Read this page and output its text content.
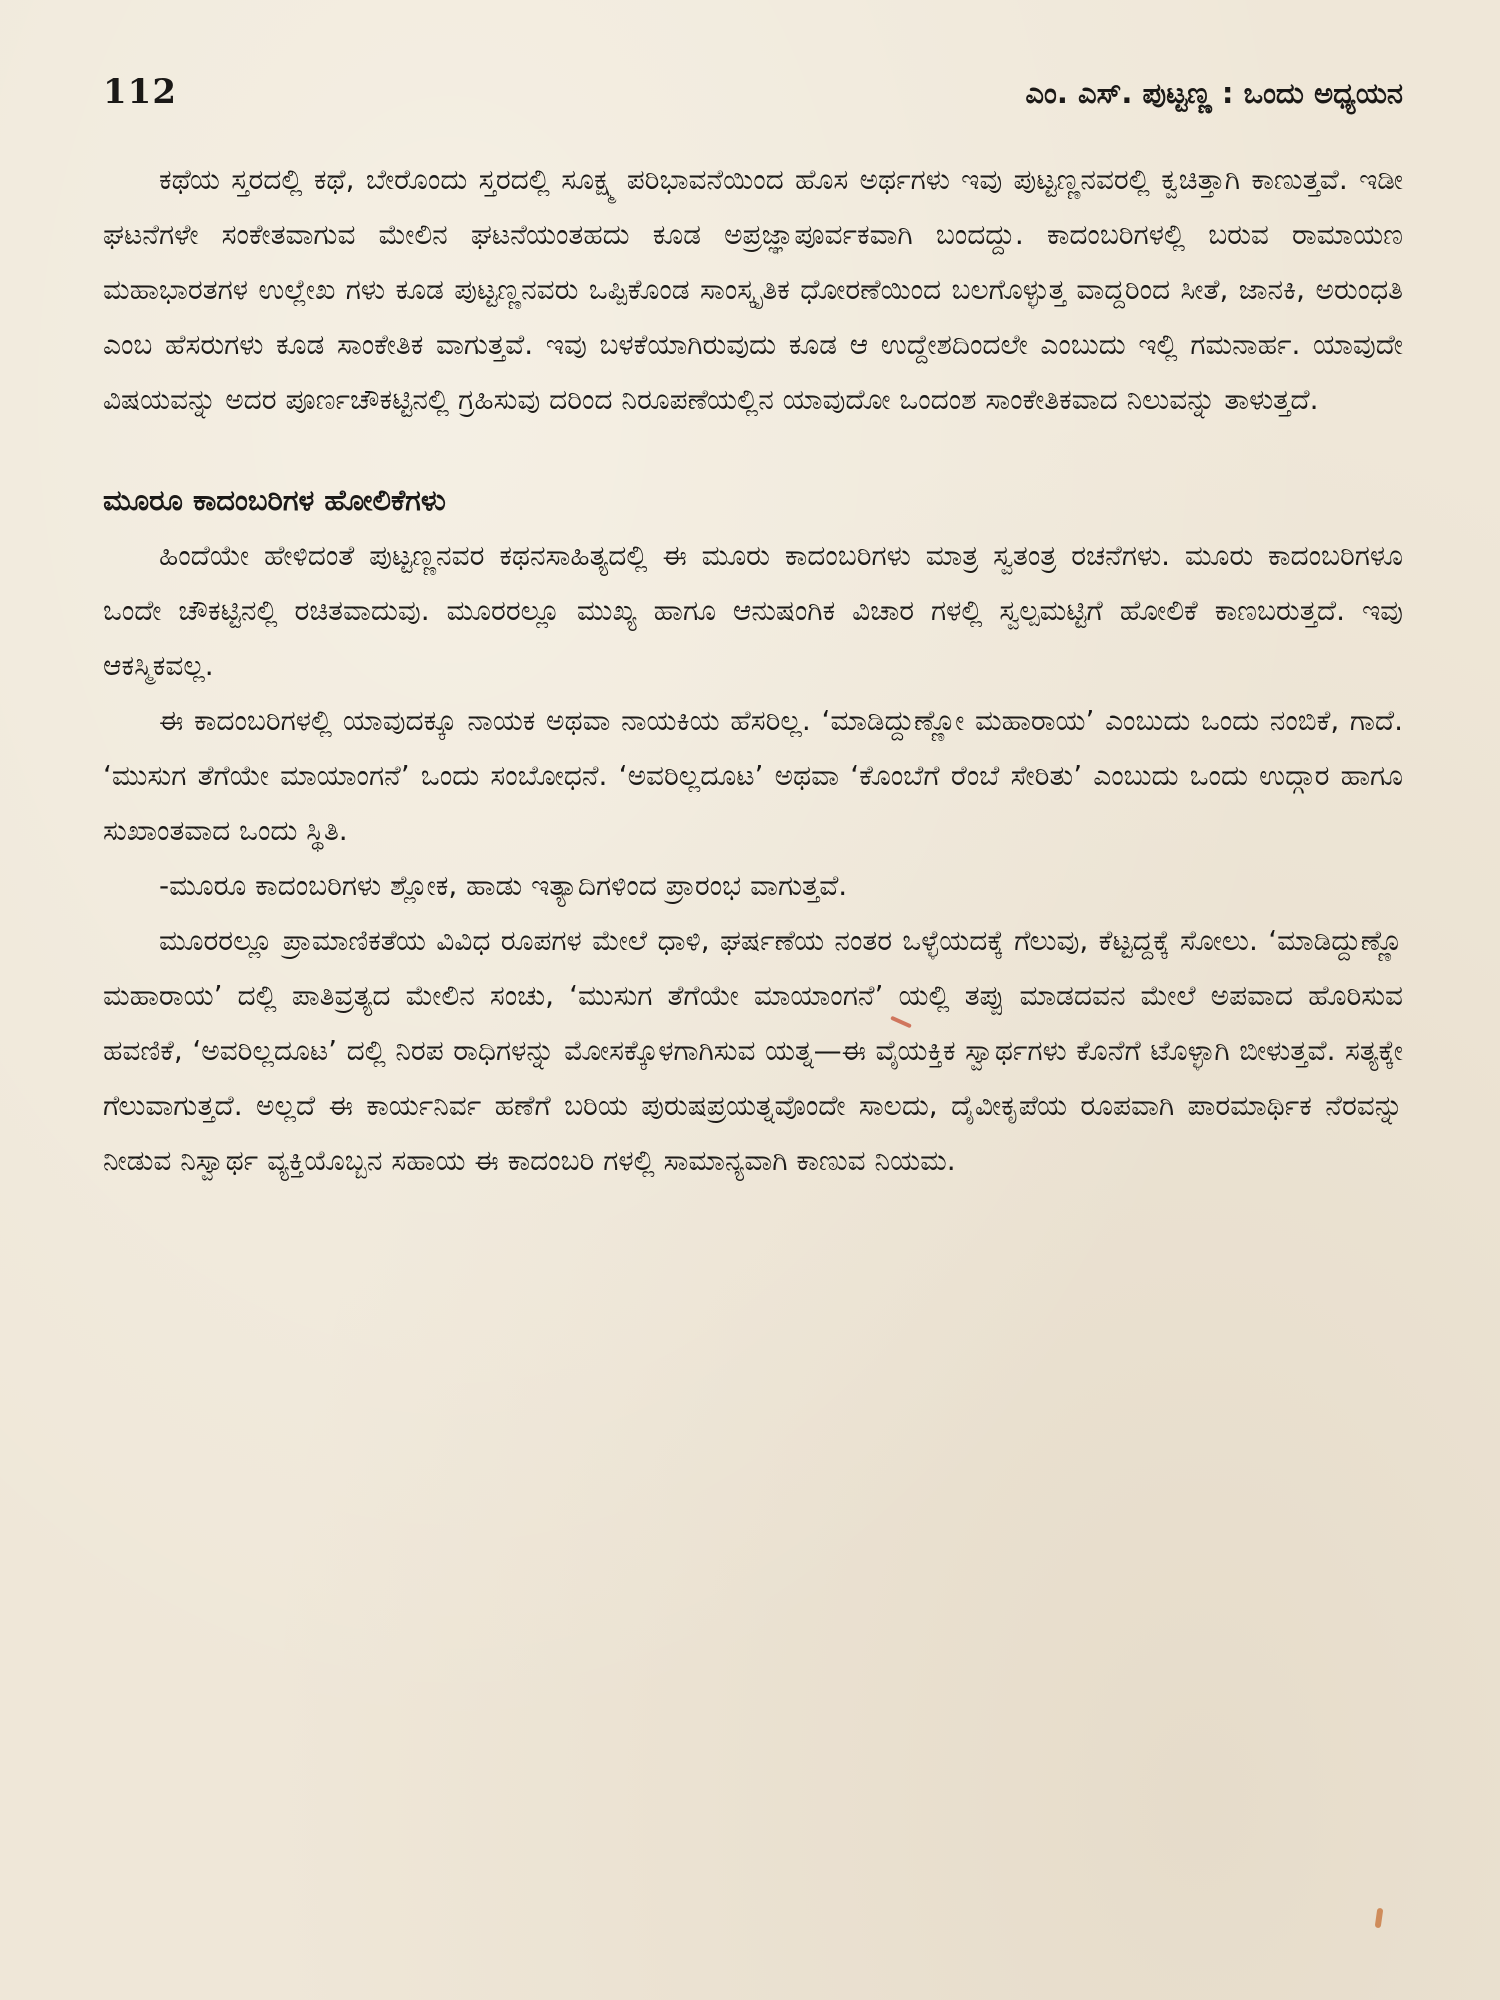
112	ಎಂ. ಎಸ್. ಪುಟ್ಟಣ್ಣ : ಒಂದು ಅಧ್ಯಯನ

ಕಥೆಯ ಸ್ತರದಲ್ಲಿ ಕಥೆ, ಬೇರೊಂದು ಸ್ತರದಲ್ಲಿ ಸೂಕ್ಷ್ಮ ಪರಿಭಾವನೆಯಿಂದ ಹೊಸ ಅರ್ಥಗಳು ಇವು ಪುಟ್ಟಣ್ಣನವರಲ್ಲಿ ಕ್ವಚಿತ್ತಾಗಿ ಕಾಣುತ್ತವೆ. ಇಡೀ ಘಟನೆಗಳೇ ಸಂಕೇತವಾಗುವ ಮೇಲಿನ ಘಟನೆಯಂತಹದು ಕೂಡ ಅಪ್ರಜ್ಞಾಪೂರ್ವಕವಾಗಿ ಬಂದದ್ದು. ಕಾದಂಬರಿಗಳಲ್ಲಿ ಬರುವ ರಾಮಾಯಣ ಮಹಾಭಾರತಗಳ ಉಲ್ಲೇಖ ಗಳು ಕೂಡ ಪುಟ್ಟಣ್ಣನವರು ಒಪ್ಪಿಕೊಂಡ ಸಾಂಸ್ಕೃತಿಕ ಧೋರಣೆಯಿಂದ ಬಲಗೊಳ್ಳುತ್ತ ವಾದ್ದರಿಂದ ಸೀತೆ, ಜಾನಕಿ, ಅರುಂಧತಿ ಎಂಬ ಹೆಸರುಗಳು ಕೂಡ ಸಾಂಕೇತಿಕ ವಾಗುತ್ತವೆ. ಇವು ಬಳಕೆಯಾಗಿರುವುದು ಕೂಡ ಆ ಉದ್ದೇಶದಿಂದಲೇ ಎಂಬುದು ಇಲ್ಲಿ ಗಮನಾರ್ಹ. ಯಾವುದೇ ವಿಷಯವನ್ನು ಅದರ ಪೂರ್ಣಚೌಕಟ್ಟಿನಲ್ಲಿ ಗ್ರಹಿಸುವು ದರಿಂದ ನಿರೂಪಣೆಯಲ್ಲಿನ ಯಾವುದೋ ಒಂದಂಶ ಸಾಂಕೇತಿಕವಾದ ನಿಲುವನ್ನು ತಾಳುತ್ತದೆ.

ಮೂರೂ ಕಾದಂಬರಿಗಳ ಹೋಲಿಕೆಗಳು

ಹಿಂದೆಯೇ ಹೇಳಿದಂತೆ ಪುಟ್ಟಣ್ಣನವರ ಕಥನಸಾಹಿತ್ಯದಲ್ಲಿ ಈ ಮೂರು ಕಾದಂಬರಿಗಳು ಮಾತ್ರ ಸ್ವತಂತ್ರ ರಚನೆಗಳು. ಮೂರು ಕಾದಂಬರಿಗಳೂ ಒಂದೇ ಚೌಕಟ್ಟಿನಲ್ಲಿ ರಚಿತವಾದುವು. ಮೂರರಲ್ಲೂ ಮುಖ್ಯ ಹಾಗೂ ಆನುಷಂಗಿಕ ವಿಚಾರ ಗಳಲ್ಲಿ ಸ್ವಲ್ಪಮಟ್ಟಿಗೆ ಹೋಲಿಕೆ ಕಾಣಬರುತ್ತದೆ. ಇವು ಆಕಸ್ಮಿಕವಲ್ಲ.

ಈ ಕಾದಂಬರಿಗಳಲ್ಲಿ ಯಾವುದಕ್ಕೂ ನಾಯಕ ಅಥವಾ ನಾಯಕಿಯ ಹೆಸರಿಲ್ಲ. ‘ಮಾಡಿದ್ದುಣ್ಣೋ ಮಹಾರಾಯ’ ಎಂಬುದು ಒಂದು ನಂಬಿಕೆ, ಗಾದೆ. ‘ಮುಸುಗ ತೆಗೆಯೇ ಮಾಯಾಂಗನೆ’ ಒಂದು ಸಂಬೋಧನೆ. ‘ಅವರಿಲ್ಲದೂಟ’ ಅಥವಾ ‘ಕೊಂಬೆಗೆ ರೆಂಬೆ ಸೇರಿತು’ ಎಂಬುದು ಒಂದು ಉದ್ಗಾರ ಹಾಗೂ ಸುಖಾಂತವಾದ ಒಂದು ಸ್ಥಿತಿ.

-ಮೂರೂ ಕಾದಂಬರಿಗಳು ಶ್ಲೋಕ, ಹಾಡು ಇತ್ಯಾದಿಗಳಿಂದ ಪ್ರಾರಂಭ ವಾಗುತ್ತವೆ.

ಮೂರರಲ್ಲೂ ಪ್ರಾಮಾಣಿಕತೆಯ ವಿವಿಧ ರೂಪಗಳ ಮೇಲೆ ಧಾಳಿ, ಘರ್ಷಣೆಯ ನಂತರ ಒಳ್ಳೆಯದಕ್ಕೆ ಗೆಲುವು, ಕೆಟ್ಟದ್ದಕ್ಕೆ ಸೋಲು. ‘ಮಾಡಿದ್ದುಣ್ಣೊ ಮಹಾರಾಯ’ ದಲ್ಲಿ ಪಾತಿವ್ರತ್ಯದ ಮೇಲಿನ ಸಂಚು, ‘ಮುಸುಗ ತೆಗೆಯೇ ಮಾಯಾಂಗನೆ’ ಯಲ್ಲಿ ತಪ್ಪು ಮಾಡದವನ ಮೇಲೆ ಅಪವಾದ ಹೊರಿಸುವ ಹವಣಿಕೆ, ‘ಅವರಿಲ್ಲದೂಟ’ ದಲ್ಲಿ ನಿರಪ ರಾಧಿಗಳನ್ನು ಮೋಸಕ್ಕೊಳಗಾಗಿಸುವ ಯತ್ನ—ಈ ವೈಯಕ್ತಿಕ ಸ್ವಾರ್ಥಗಳು ಕೊನೆಗೆ ಟೊಳ್ಳಾಗಿ ಬೀಳುತ್ತವೆ. ಸತ್ಯಕ್ಕೇ ಗೆಲುವಾಗುತ್ತದೆ. ಅಲ್ಲದೆ ಈ ಕಾರ್ಯನಿರ್ವ ಹಣೆಗೆ ಬರಿಯ ಪುರುಷಪ್ರಯತ್ನವೊಂದೇ ಸಾಲದು, ದೈವೀಕೃಪೆಯ ರೂಪವಾಗಿ ಪಾರಮಾರ್ಥಿಕ ನೆರವನ್ನು ನೀಡುವ ನಿಸ್ವಾರ್ಥ ವ್ಯಕ್ತಿಯೊಬ್ಬನ ಸಹಾಯ ಈ ಕಾದಂಬರಿ ಗಳಲ್ಲಿ ಸಾಮಾನ್ಯವಾಗಿ ಕಾಣುವ ನಿಯಮ.
